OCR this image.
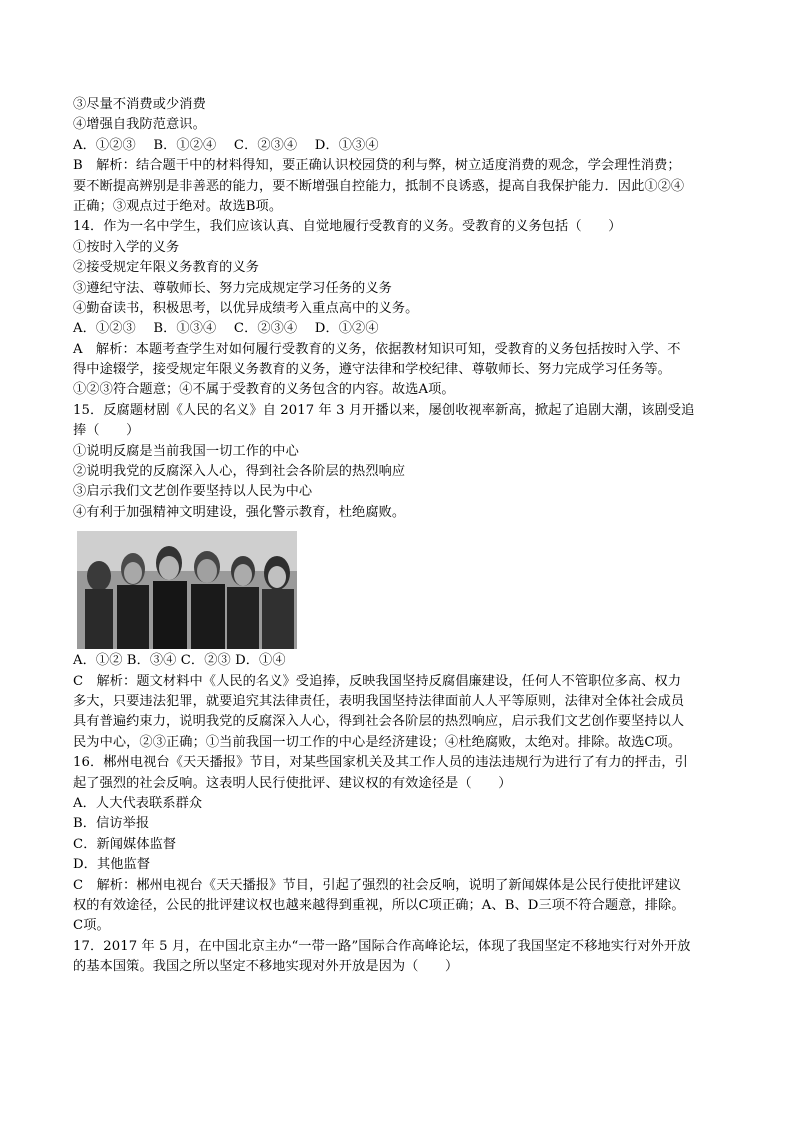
③尽量不消费或少消费
④增强自我防范意识。
A．①②③　 B．①②④　 C．②③④　 D．①③④
B　解析：结合题干中的材料得知，要正确认识校园贷的利与弊，树立适度消费的观念，学会理性消费；
要不断提高辨别是非善恶的能力，要不断增强自控能力，抵制不良诱惑，提高自我保护能力．因此①②④
正确；③观点过于绝对。故选B项。
14．作为一名中学生，我们应该认真、自觉地履行受教育的义务。受教育的义务包括（　　）
①按时入学的义务
②接受规定年限义务教育的义务
③遵纪守法、尊敬师长、努力完成规定学习任务的义务
④勤奋读书，积极思考，以优异成绩考入重点高中的义务。
A．①②③　 B．①③④　 C．②③④　 D．①②④
A　解析：本题考查学生对如何履行受教育的义务，依据教材知识可知，受教育的义务包括按时入学、不
得中途辍学，接受规定年限义务教育的义务，遵守法律和学校纪律、尊敬师长、努力完成学习任务等。
①②③符合题意；④不属于受教育的义务包含的内容。故选A项。
15．反腐题材剧《人民的名义》自 2017 年 3 月开播以来，屡创收视率新高，掀起了追剧大潮，该剧受追
捧（　　）
①说明反腐是当前我国一切工作的中心
②说明我党的反腐深入人心，得到社会各阶层的热烈响应
③启示我们文艺创作要坚持以人民为中心
④有利于加强精神文明建设，强化警示教育，杜绝腐败。
A．①② B．③④ C．②③ D．①④
C　解析：题文材料中《人民的名义》受追捧，反映我国坚持反腐倡廉建设，任何人不管职位多高、权力
多大，只要违法犯罪，就要追究其法律责任，表明我国坚持法律面前人人平等原则，法律对全体社会成员
具有普遍约束力，说明我党的反腐深入人心，得到社会各阶层的热烈响应，启示我们文艺创作要坚持以人
民为中心，②③正确；①当前我国一切工作的中心是经济建设；④杜绝腐败，太绝对。排除。故选C项。
16．郴州电视台《天天播报》节目，对某些国家机关及其工作人员的违法违规行为进行了有力的抨击，引
起了强烈的社会反响。这表明人民行使批评、建议权的有效途径是（　　）
A．人大代表联系群众
B．信访举报
C．新闻媒体监督
D．其他监督
C　解析：郴州电视台《天天播报》节目，引起了强烈的社会反响，说明了新闻媒体是公民行使批评建议
权的有效途径，公民的批评建议权也越来越得到重视，所以C项正确；A、B、D三项不符合题意，排除。
C项。
17．2017 年 5 月，在中国北京主办“一带一路”国际合作高峰论坛，体现了我国坚定不移地实行对外开放
的基本国策。我国之所以坚定不移地实现对外开放是因为（　　）
